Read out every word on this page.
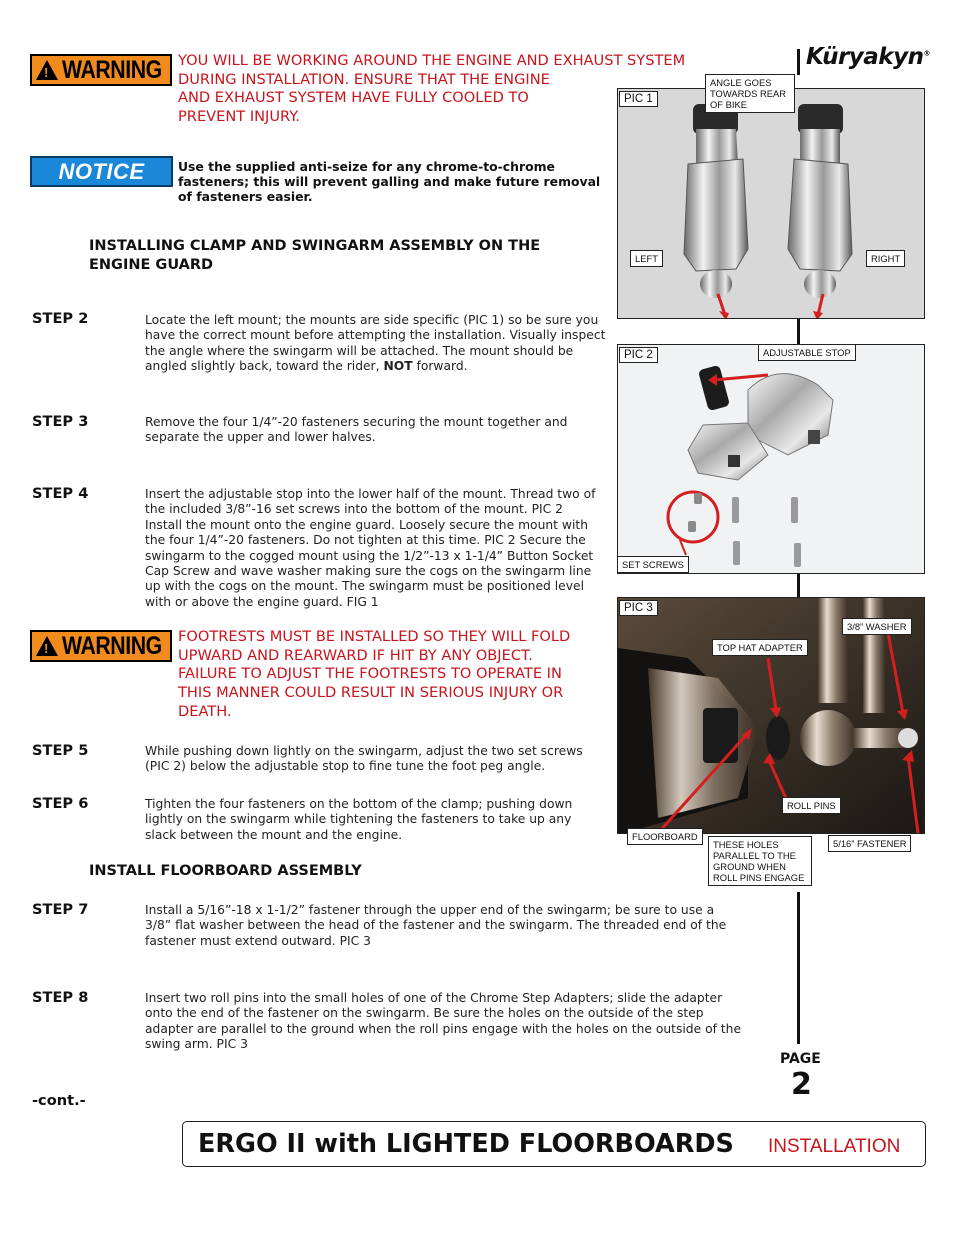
Küryakyn®
! WARNING YOU WILL BE WORKING AROUND THE ENGINE AND EXHAUST SYSTEM
DURING INSTALLATION. ENSURE THAT THE ENGINE
AND EXHAUST SYSTEM HAVE FULLY COOLED TO
PREVENT INJURY.
NOTICE	Use the supplied anti-seize for any chrome-to-chrome
fasteners; this will prevent galling and make future removal
of fasteners easier.
INSTALLING CLAMP AND SWINGARM ASSEMBLY ON THE
ENGINE GUARD
STEP 2	Locate the left mount; the mounts are side specific (PIC 1) so be sure you
have the correct mount before attempting the installation. Visually inspect
the angle where the swingarm will be attached. The mount should be
angled slightly back, toward the rider, NOT forward.
STEP 3	Remove the four 1/4”-20 fasteners securing the mount together and
separate the upper and lower halves.
STEP 4	Insert the adjustable stop into the lower half of the mount. Thread two of
the included 3/8”-16 set screws into the bottom of the mount. PIC 2
Install the mount onto the engine guard. Loosely secure the mount with
the four 1/4”-20 fasteners. Do not tighten at this time. PIC 2 Secure the
swingarm to the cogged mount using the 1/2”-13 x 1-1/4” Button Socket
Cap Screw and wave washer making sure the cogs on the swingarm line
up with the cogs on the mount. The swingarm must be positioned level
with or above the engine guard. FIG 1
! WARNING FOOTRESTS MUST BE INSTALLED SO THEY WILL FOLD
UPWARD AND REARWARD IF HIT BY ANY OBJECT.
FAILURE TO ADJUST THE FOOTRESTS TO OPERATE IN
THIS MANNER COULD RESULT IN SERIOUS INJURY OR
DEATH.
STEP 5	While pushing down lightly on the swingarm, adjust the two set screws
(PIC 2) below the adjustable stop to fine tune the foot peg angle.
STEP 6	Tighten the four fasteners on the bottom of the clamp; pushing down
lightly on the swingarm while tightening the fasteners to take up any
slack between the mount and the engine.
INSTALL FLOORBOARD ASSEMBLY
STEP 7	Install a 5/16”-18 x 1-1/2” fastener through the upper end of the swingarm; be sure to use a
3/8” flat washer between the head of the fastener and the swingarm. The threaded end of the
fastener must extend outward. PIC 3
STEP 8	Insert two roll pins into the small holes of one of the Chrome Step Adapters; slide the adapter
onto the end of the fastener on the swingarm. Be sure the holes on the outside of the step
adapter are parallel to the ground when the roll pins engage with the holes on the outside of the
swing arm. PIC 3
PIC 1
ANGLE GOES
TOWARDS REAR
OF BIKE
LEFT	RIGHT
PIC 2	ADJUSTABLE STOP
SET SCREWS
PIC 3
TOP HAT ADAPTER
3/8” WASHER
ROLL PINS
FLOORBOARD
THESE HOLES
PARALLEL TO THE
GROUND WHEN
ROLL PINS ENGAGE
5/16” FASTENER
PAGE
2
-cont.-
ERGO II with LIGHTED FLOORBOARDS INSTALLATION
